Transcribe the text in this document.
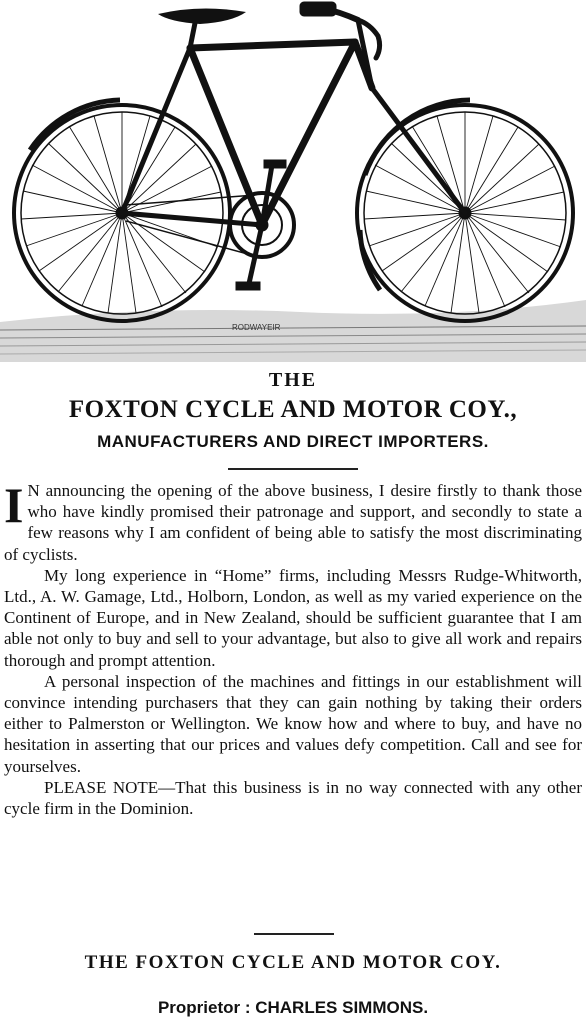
RODWAYEIR
THE
FOXTON CYCLE AND MOTOR COY.,
MANUFACTURERS AND DIRECT IMPORTERS.

I N announcing the opening of the above business, I desire firstly to thank those who have kindly promised their patronage and support, and secondly to state a few reasons why I am confident of being able to satisfy the most discriminating of cyclists.

My long experience in “Home” firms, including Messrs Rudge-Whitworth, Ltd., A. W. Gamage, Ltd., Holborn, London, as well as my varied experience on the Continent of Europe, and in New Zealand, should be sufficient guarantee that I am able not only to buy and sell to your advantage, but also to give all work and repairs thorough and prompt attention.

A personal inspection of the machines and fittings in our establishment will convince intending purchasers that they can gain nothing by taking their orders either to Palmerston or Wellington. We know how and where to buy, and have no hesitation in asserting that our prices and values defy competition. Call and see for yourselves.

PLEASE NOTE—That this business is in no way connected with any other cycle firm in the Dominion.

THE FOXTON CYCLE AND MOTOR COY.
Proprietor : CHARLES SIMMONS.
